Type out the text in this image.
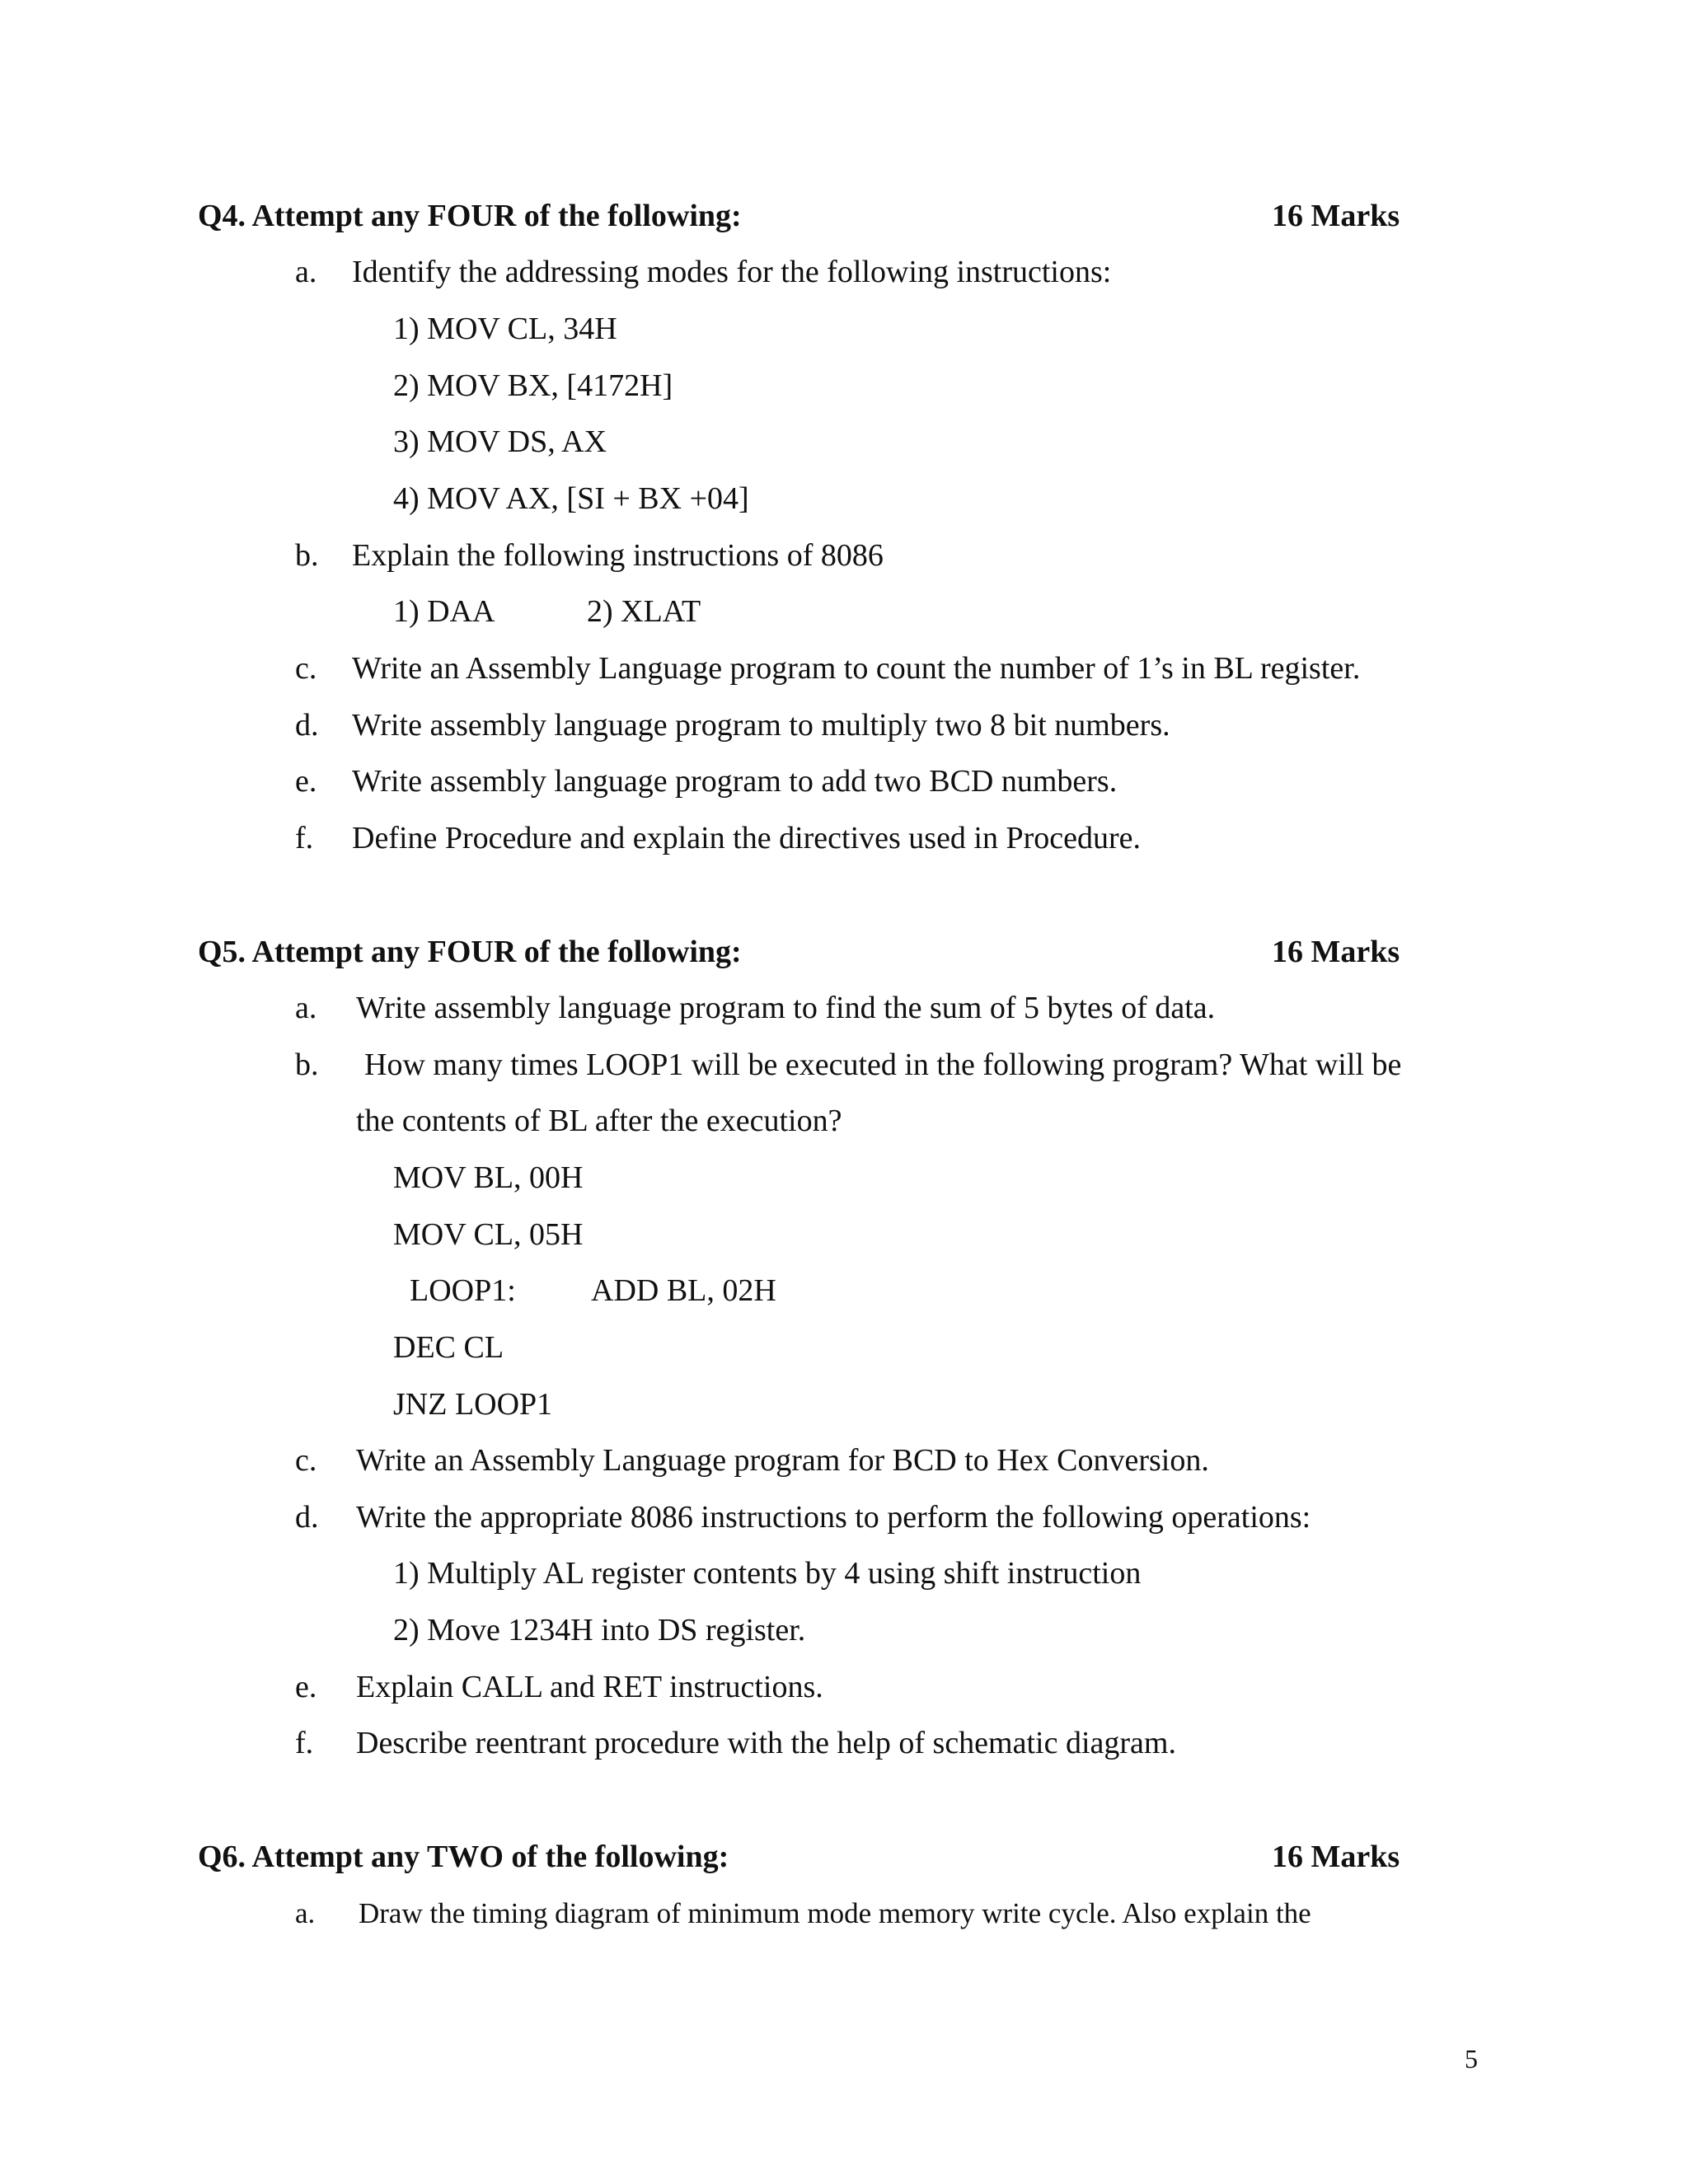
Q4. Attempt any FOUR of the following:	16 Marks
a. Identify the addressing modes for the following instructions:
1) MOV CL, 34H
2) MOV BX, [4172H]
3) MOV DS, AX
4) MOV AX, [SI + BX +04]
b. Explain the following instructions of 8086
1) DAA	2) XLAT
c. Write an Assembly Language program to count the number of 1’s in BL register.
d. Write assembly language program to multiply two 8 bit numbers.
e. Write assembly language program to add two BCD numbers.
f. Define Procedure and explain the directives used in Procedure.
Q5. Attempt any FOUR of the following:	16 Marks
a. Write assembly language program to find the sum of 5 bytes of data.
b. How many times LOOP1 will be executed in the following program? What will be
the contents of BL after the execution?
MOV BL, 00H
MOV CL, 05H
LOOP1: ADD BL, 02H
DEC CL
JNZ LOOP1
c. Write an Assembly Language program for BCD to Hex Conversion.
d. Write the appropriate 8086 instructions to perform the following operations:
1) Multiply AL register contents by 4 using shift instruction
2) Move 1234H into DS register.
e. Explain CALL and RET instructions.
f. Describe reentrant procedure with the help of schematic diagram.
Q6. Attempt any TWO of the following:	16 Marks
a. Draw the timing diagram of minimum mode memory write cycle. Also explain the
5
